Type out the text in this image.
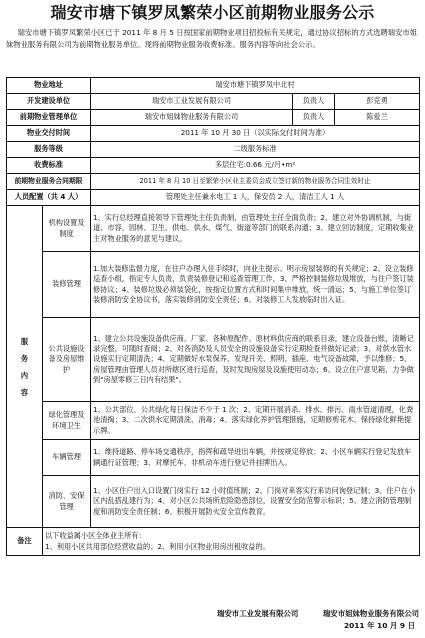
瑞安市塘下镇罗凤繁荣小区前期物业服务公示
瑞安市塘下镇罗凤繁荣小区已于 2011 年 8 月 5 日按国家前期物业项目招投标有关规定，通过协议招标的方式选聘瑞安市姐妹物业服务有限公司为前期物业服务单位。现将前期物业服务收费标准、服务内容等向社会公示。
物业地址		瑞安市塘下镇罗凤中北村		
开发建设单位		瑞安市工业发展有限公司	负责人	彭克勇
前期物业管理单位		瑞安市姐妹物业服务有限公司	负责人	陈爱兰
物业交付时间		2011 年 10 月 30 日（以实际交付时间为准）		
服务等级		二级服务标准		
收费标准		多层住宅:0.66 元/月•m²		
前期物业服务合同期限		2011 年 8 月 10 日至繁荣小区业主委员会成立签订新的物业服务合同生效时止		
人员配置（共 4 人）		管理处主任兼水电工 1 人，保安员 2 人，清洁工人 1 人		

服务内容	机构设置及制度	1、实行总经理直接领导下管理处主任负责制，由管理处主任全面负责；2、建立对外协调机制，与街道、市容、园林、卫生、供电、供水、煤气、街道等部门的联系沟通；3、建立回访制度，定期收集业主对物业服务的意见与建议。		
	装修管理	1.加大装修监督力度，在住户办理入住手续时，向业主提示、明示房屋装修的有关规定；2、设立装修巡查小组，指定专人负责，负责装修登记和巡查管理工作，3、严格控制装修垃圾堆放，与住户签订装修协议；4、装修垃圾必须装袋化，按指定位置方式和时间集中堆放，统一清运；5、与施工单位签订装修消防安全协议书，落实装修消防安全责任；6、对装修工人发放临时出入证。		
	公共设施设备及房屋维护	1、建立公共设施设备供应商、厂家、各种原配件、原材料供应商的联系目录，建立设备台账，清晰记录完整，可随时查阅；2、对各消防及人员安全的设施设备实行定期检查并做好记录；3、对供水管水设施实行定期清洗；4、定期做好水泵保养，发现开关、照明、插座、电气设备故障，予以维修；5、房屋管理由管理人员对所辖区进行巡查，及时发现房屋及设施使用动态；6、设立住户意见箱，力争做到"房屋零修三日内有结果"。		
	绿化管理及环境卫生	1、公共部位、公共绿化每日保洁不少于 1 次；2、定期开展消杀、排水、排污、雨水管道清理，化粪池清掏；3、二次供水定期清洗、消毒；4、落实绿化养护管理措施，定期修剪花木、保持绿化鲜艳提示牌。		
	车辆管理	1、维持道路、停车场交通秩序，指挥和疏导进出车辆，并按规定停放；2、小区车辆实行登记发放车辆通行证管理；3、对摩托车、非机动车进行登记并挂牌出入。		
	消防、安保管理	1、小区住户出入口设置门岗实行 12 小时值班制；2、门岗对来客实行来访问询登记制；3、住户在小区内乱搭乱建行为；4、对小区公共场所危险隐患部位，设置安全防范警示标识；5、建立消防管理制度和消防安全责任制；6、积极开展防火安全宣传教育。		
备注	以下收益属小区全体业主所有：
1、利用小区共用部位经营收益的；2、利用小区物业用房出租收益的。			
瑞安市工业发展有限公司	瑞安市姐妹物业服务有限公司
2011 年 10 月 9 日
